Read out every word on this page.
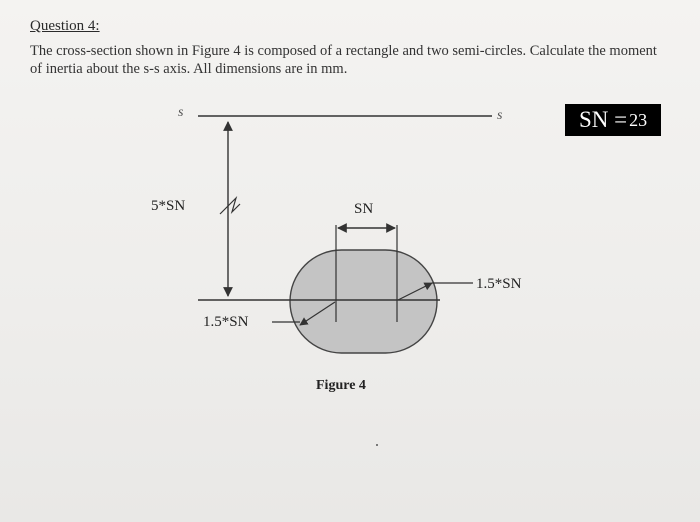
Question 4:
The cross-section shown in Figure 4 is composed of a rectangle and two semi-circles. Calculate the moment of inertia about the s-s axis. All dimensions are in mm.
SN = 23
s	s
5*SN	SN
1.5*SN
1.5*SN
Figure 4
